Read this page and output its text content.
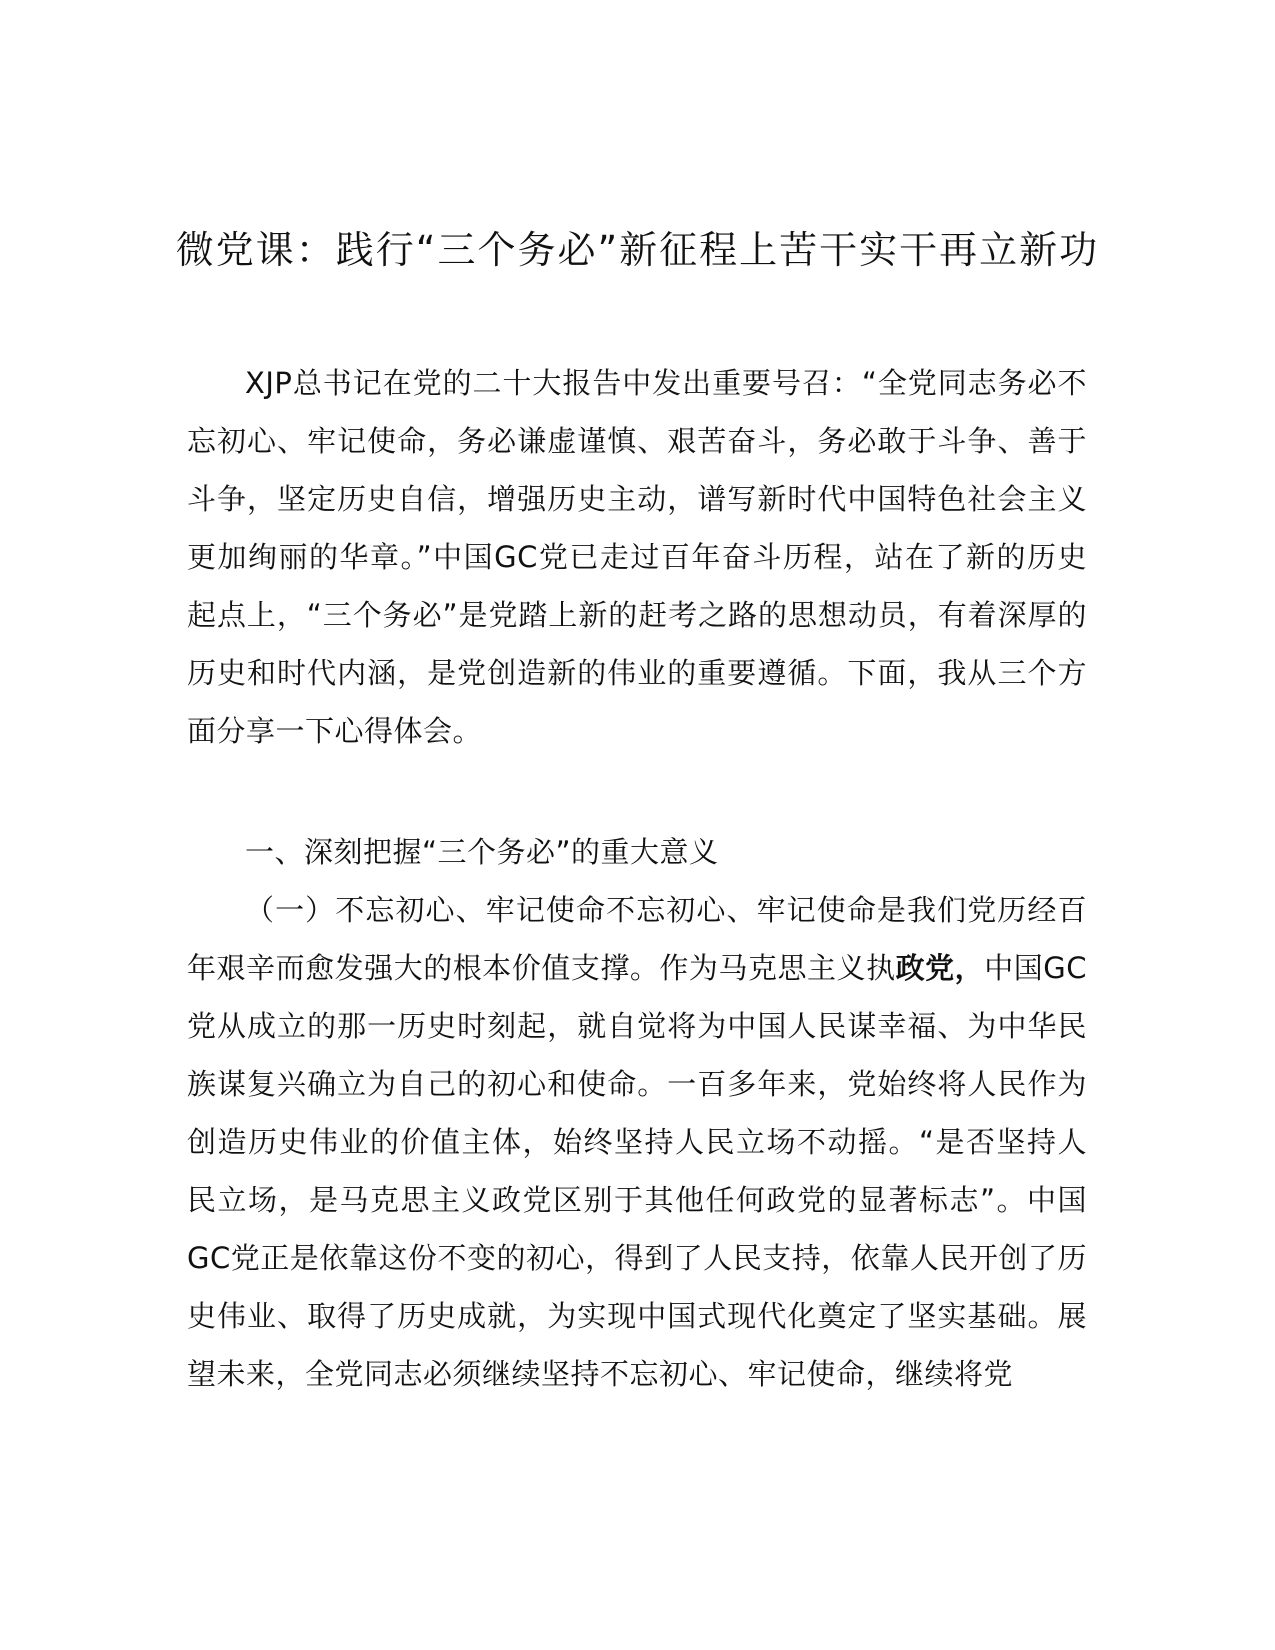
微党课：践行“三个务必”新征程上苦干实干再立新功

XJP总书记在党的二十大报告中发出重要号召：“全党同志务必不忘初心、牢记使命，务必谦虚谨慎、艰苦奋斗，务必敢于斗争、善于斗争，坚定历史自信，增强历史主动，谱写新时代中国特色社会主义更加绚丽的华章。”中国GC党已走过百年奋斗历程，站在了新的历史起点上，“三个务必”是党踏上新的赶考之路的思想动员，有着深厚的历史和时代内涵，是党创造新的伟业的重要遵循。下面，我从三个方面分享一下心得体会。

一、深刻把握“三个务必”的重大意义

（一）不忘初心、牢记使命不忘初心、牢记使命是我们党历经百年艰辛而愈发强大的根本价值支撑。作为马克思主义执政党，中国GC党从成立的那一历史时刻起，就自觉将为中国人民谋幸福、为中华民族谋复兴确立为自己的初心和使命。一百多年来，党始终将人民作为创造历史伟业的价值主体，始终坚持人民立场不动摇。“是否坚持人民立场，是马克思主义政党区别于其他任何政党的显著标志”。中国GC党正是依靠这份不变的初心，得到了人民支持，依靠人民开创了历史伟业、取得了历史成就，为实现中国式现代化奠定了坚实基础。展望未来，全党同志必须继续坚持不忘初心、牢记使命，继续将党
